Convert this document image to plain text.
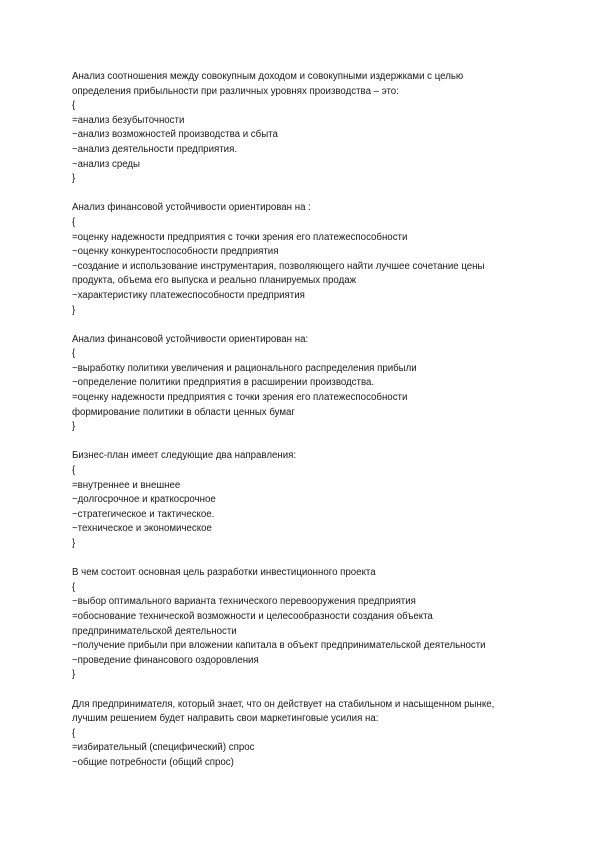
Анализ соотношения между совокупным доходом и совокупными издержками с целью
определения прибыльности при различных уровнях производства – это:
{
=анализ безубыточности
~анализ возможностей производства и сбыта
~анализ деятельности предприятия.
~анализ среды
}
Анализ финансовой устойчивости ориентирован на :
{
=оценку надежности предприятия с точки зрения его платежеспособности
~оценку конкурентоспособности предприятия
~создание и использование инструментария, позволяющего найти лучшее сочетание цены
продукта, объема его выпуска и реально планируемых продаж
~характеристику платежеспособности предприятия
}
Анализ финансовой устойчивости ориентирован на:
{
~выработку политики увеличения и рационального распределения прибыли
~определение политики предприятия в расширении производства.
=оценку надежности предприятия с точки зрения его платежеспособности
формирование политики в области ценных бумаг
}
Бизнес-план имеет следующие два направления:
{
=внутреннее и внешнее
~долгосрочное и краткосрочное
~стратегическое и тактическое.
~техническое и экономическое
}
В чем состоит основная цель разработки инвестиционного проекта
{
~выбор оптимального варианта технического перевооружения предприятия
=обоснование технической возможности и целесообразности создания объекта
предпринимательской деятельности
~получение прибыли при вложении капитала в объект предпринимательской деятельности
~проведение финансового оздоровления
}
Для предпринимателя, который знает, что он действует на стабильном и насыщенном рынке,
лучшим решением будет направить свои маркетинговые усилия на:
{
=избирательный (специфический) спрос
~общие потребности (общий спрос)
